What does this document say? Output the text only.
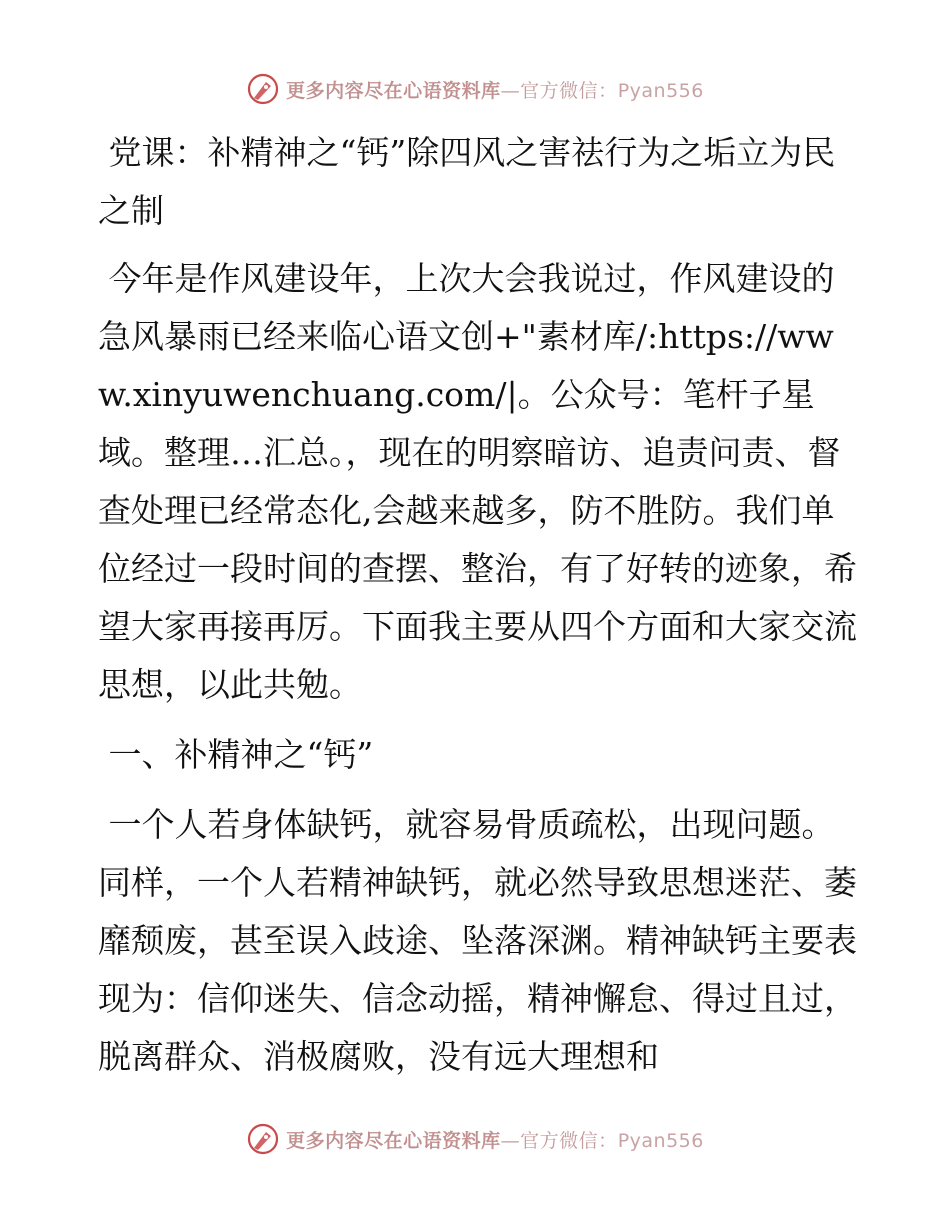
更多内容尽在心语资料库—官方微信：Pyan556

党课：补精神之“钙”除四风之害祛行为之垢立为民之制

今年是作风建设年，上次大会我说过，作风建设的急风暴雨已经来临心语文创+"素材库/:https://www.xinyuwenchuang.com/|。公众号：笔杆子星域。整理…汇总。，现在的明察暗访、追责问责、督查处理已经常态化,会越来越多，防不胜防。我们单位经过一段时间的查摆、整治，有了好转的迹象，希望大家再接再厉。下面我主要从四个方面和大家交流思想，以此共勉。

一、补精神之“钙”

一个人若身体缺钙，就容易骨质疏松，出现问题。同样，一个人若精神缺钙，就必然导致思想迷茫、萎靡颓废，甚至误入歧途、坠落深渊。精神缺钙主要表现为：信仰迷失、信念动摇，精神懈怠、得过且过，脱离群众、消极腐败，没有远大理想和

更多内容尽在心语资料库—官方微信：Pyan556
